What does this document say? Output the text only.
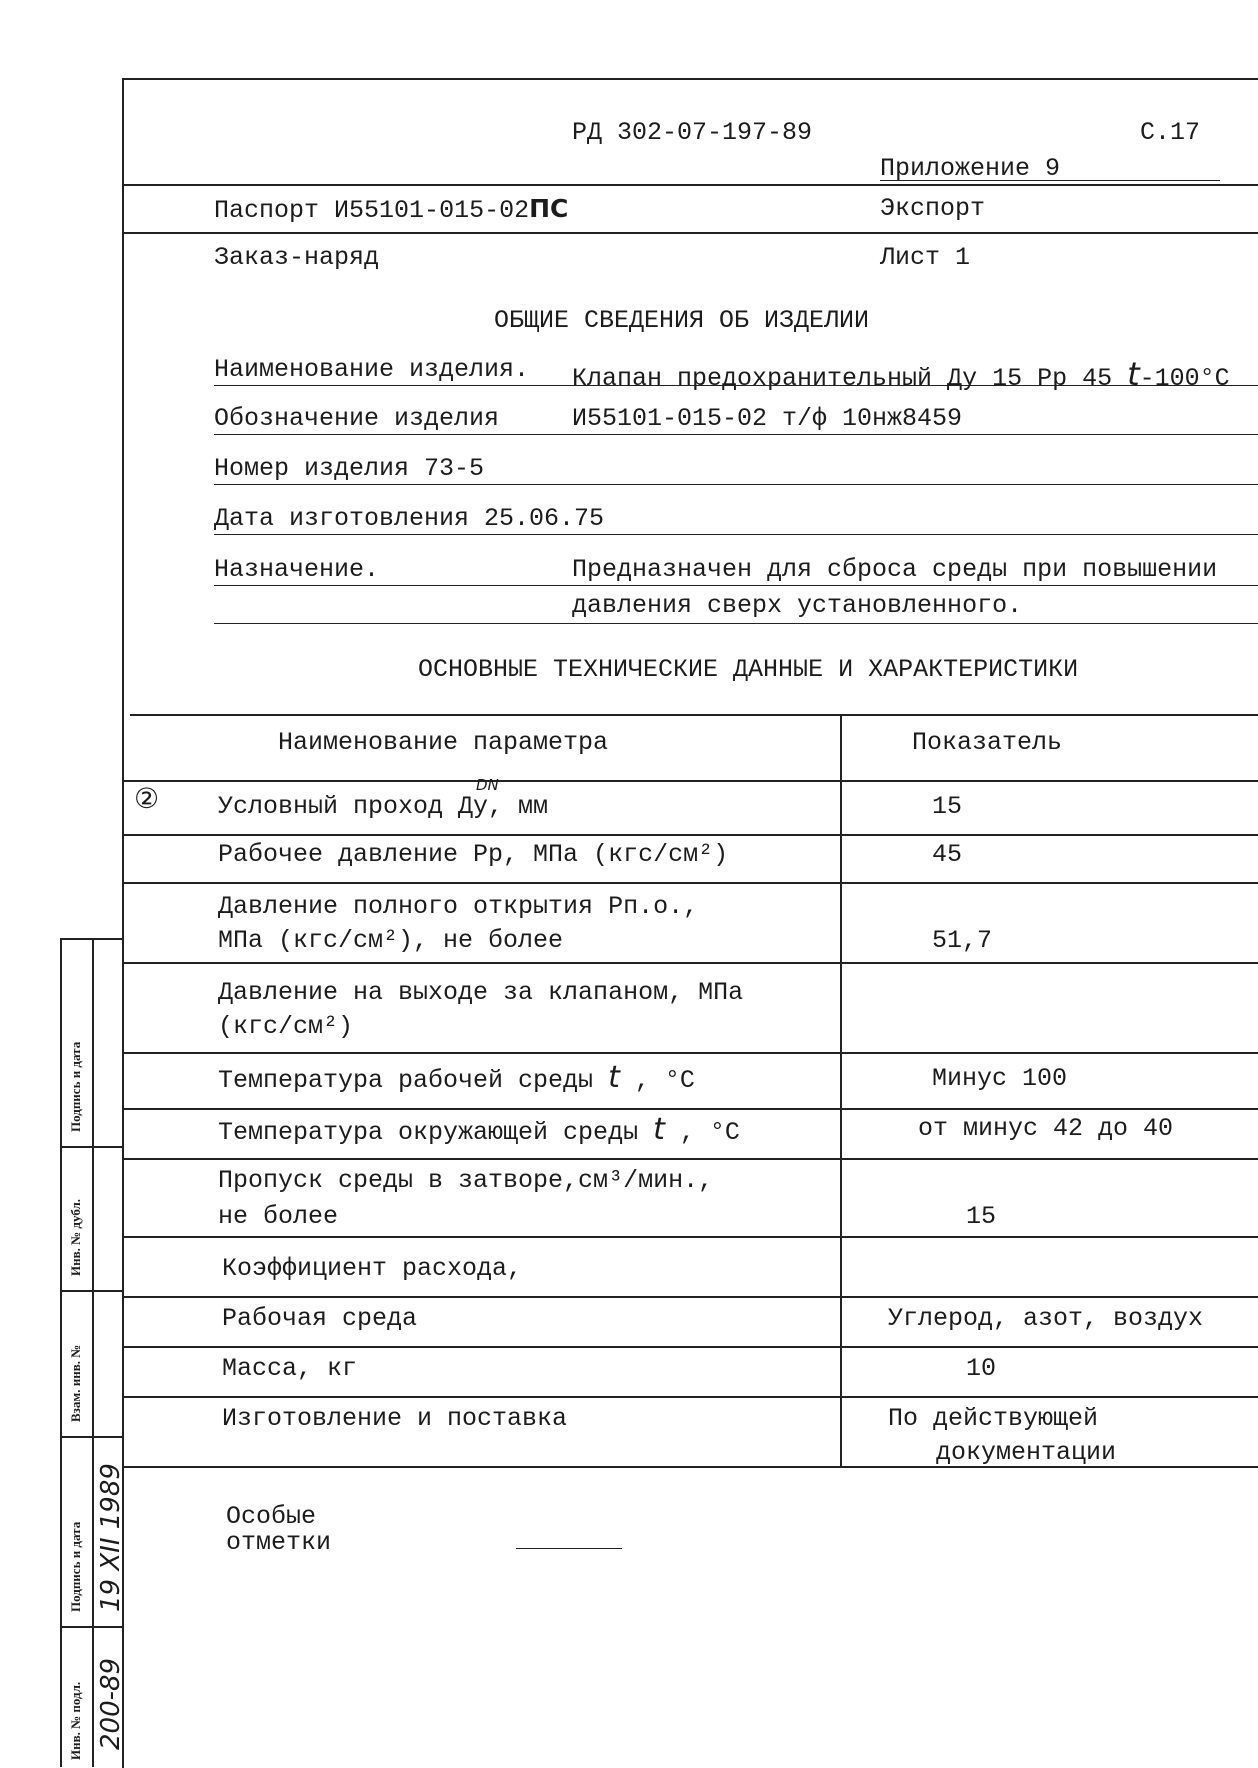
РД 302-07-197-89	С.17
Приложение 9
Паспорт И55101-015-02ПС	Экспорт
Заказ-наряд	Лист 1
ОБЩИЕ СВЕДЕНИЯ ОБ ИЗДЕЛИИ
Наименование изделия. Клапан предохранительный Ду 15 Рр 45 t-100°C
Обозначение изделия	И55101-015-02 т/ф 10нж8459
Номер изделия 73-5
Дата изготовления 25.06.75
Назначение.	Предназначен для сброса среды при повышении
давления сверх установленного.
ОСНОВНЫЕ ТЕХНИЧЕСКИЕ ДАННЫЕ И ХАРАКТЕРИСТИКИ
Наименование параметра	Показатель
②	DN
Условный проход Ду, мм	15
Рабочее давление Рр, МПа (кгс/см²)	45
Давление полного открытия Рп.о.,
МПа (кгс/см²), не более	51,7
Давление на выходе за клапаном, МПа
(кгс/см²)
Температура рабочей среды t , °С	Минус 100
Температура окружающей среды t , °С	от минус 42 до 40
Пропуск среды в затворе,см³/мин.,
не более	15
Коэффициент расхода,
Рабочая среда	Углерод, азот, воздух
Масса, кг	10
Изготовление и поставка	По действующей
документации
Особые
отметки
Подпись и дата
Инв. № дубл.
Взам. инв. №
Подпись и дата
Инв. № подл.
19 XII 1989
200-89
